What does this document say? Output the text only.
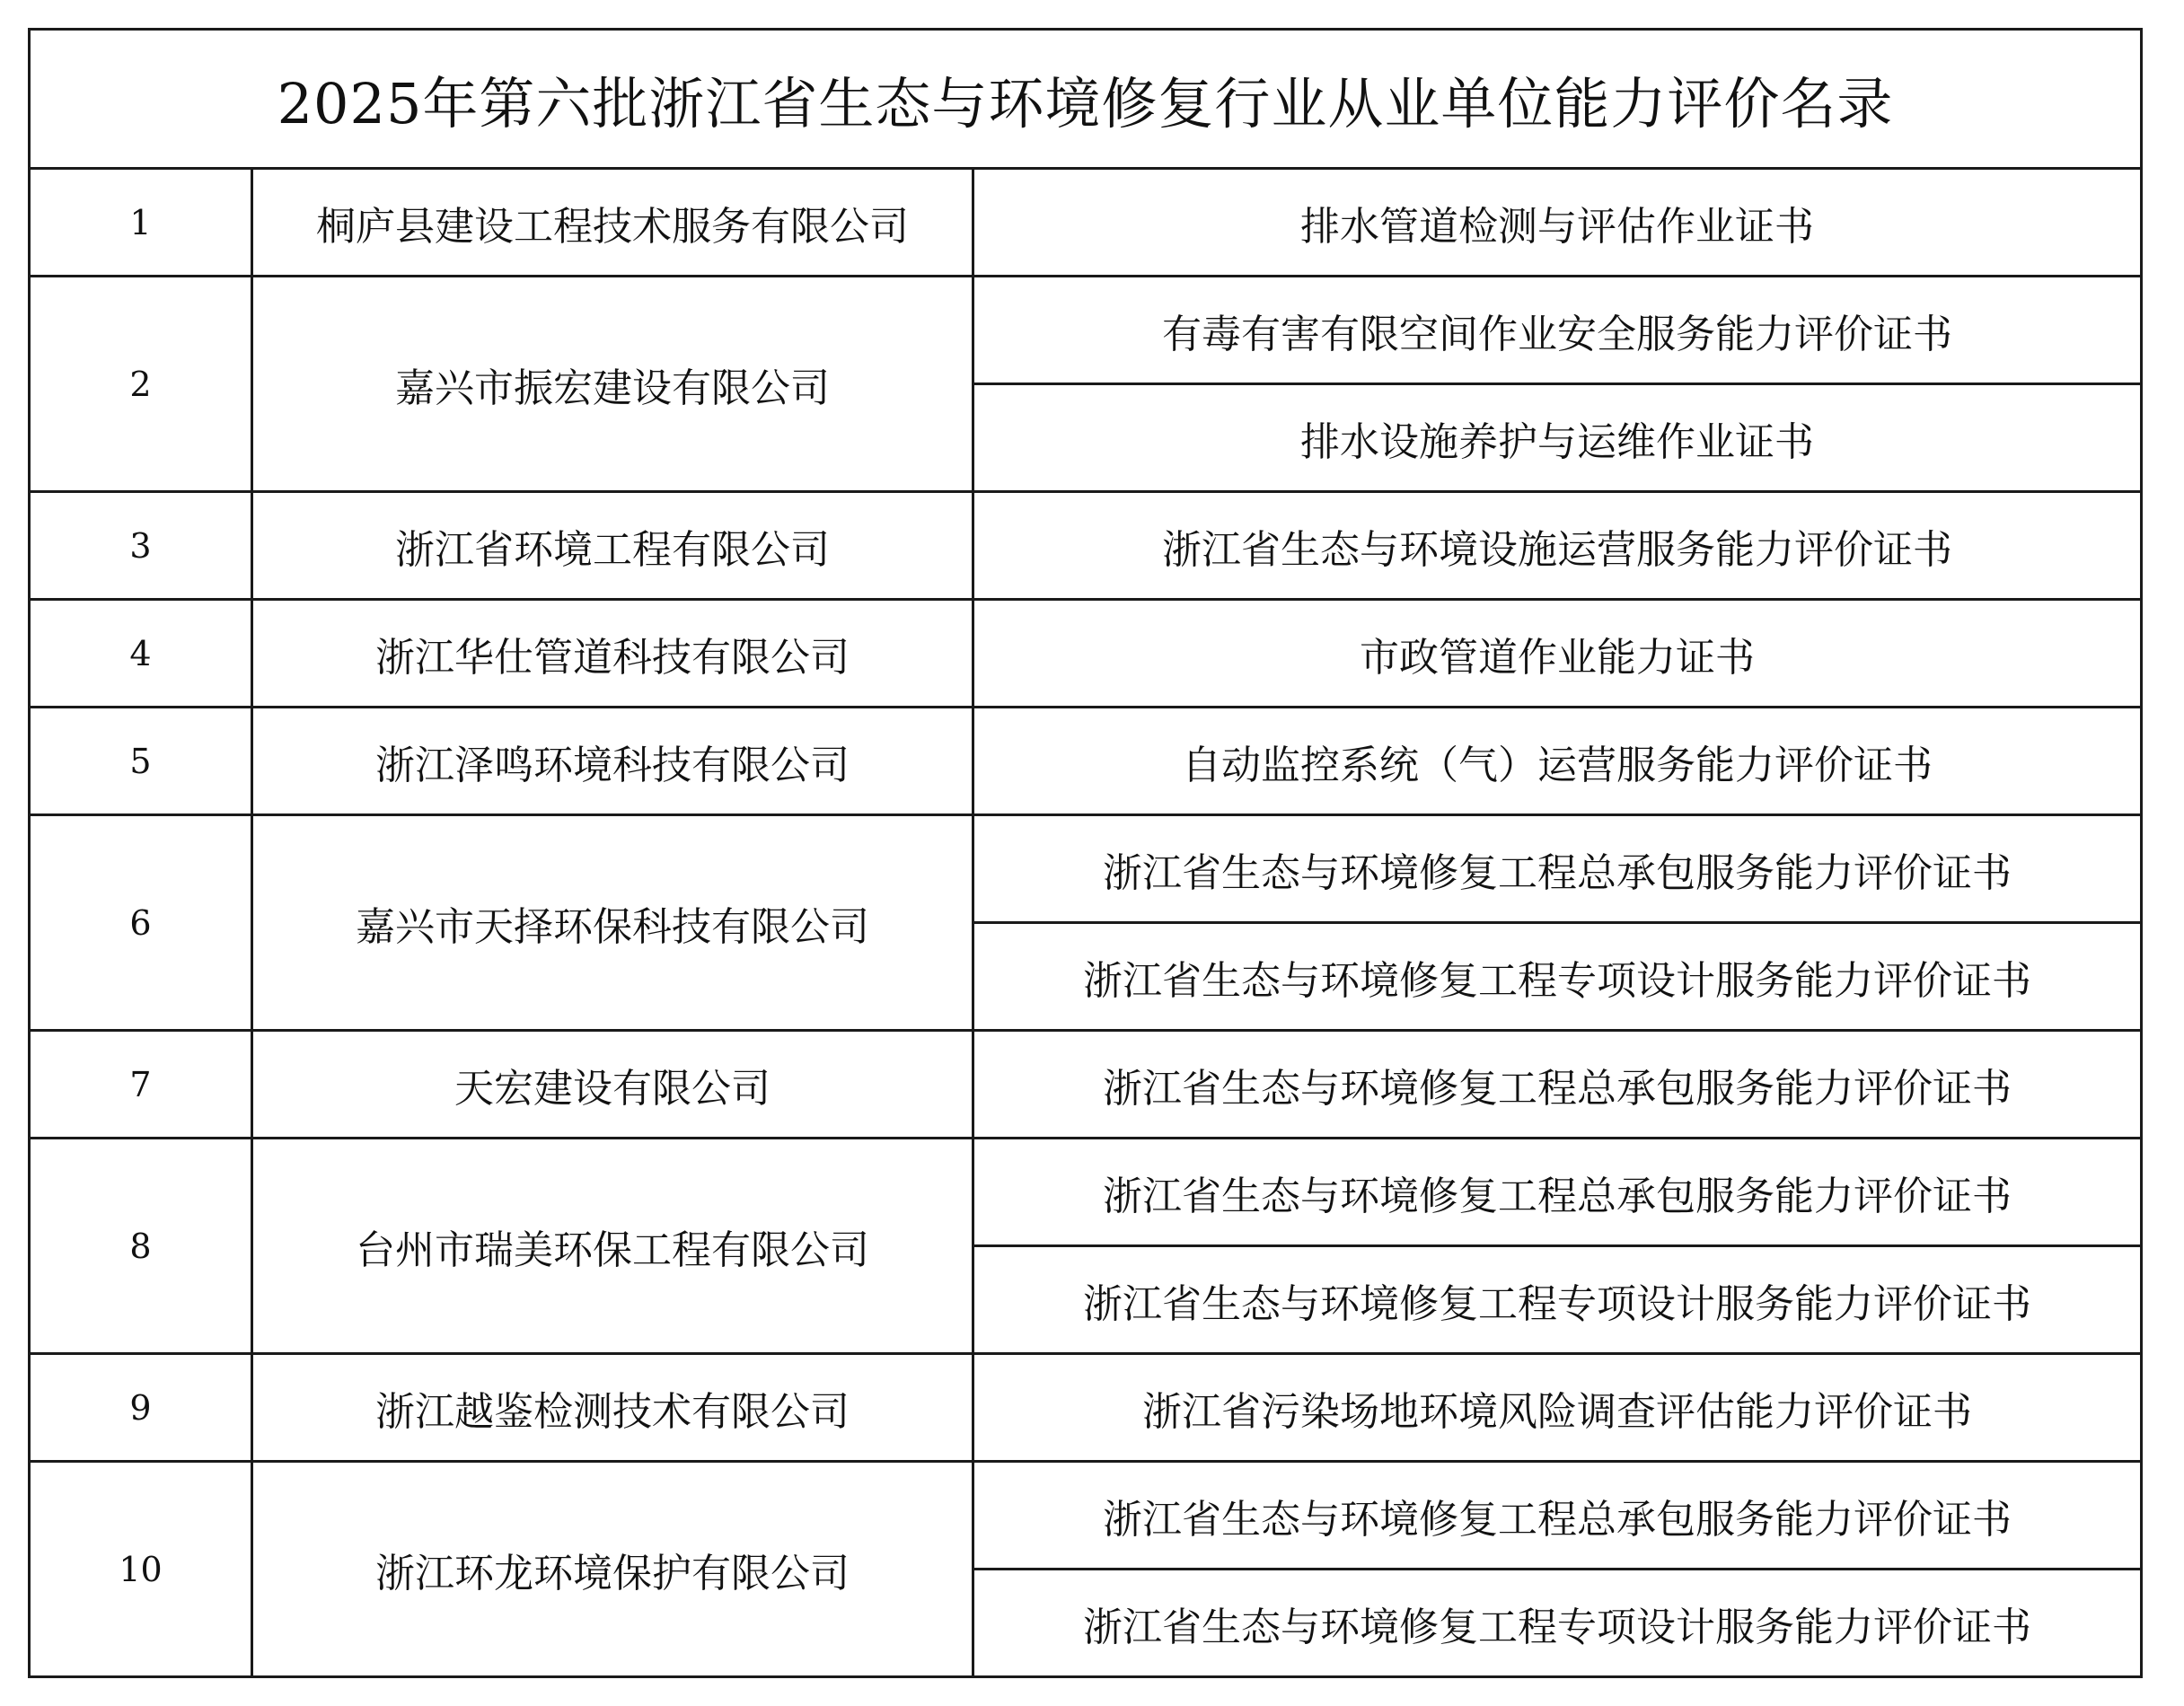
2025年第六批浙江省生态与环境修复行业从业单位能力评价名录		
1	桐庐县建设工程技术服务有限公司	排水管道检测与评估作业证书
2	嘉兴市振宏建设有限公司	有毒有害有限空间作业安全服务能力评价证书
		排水设施养护与运维作业证书
3	浙江省环境工程有限公司	浙江省生态与环境设施运营服务能力评价证书
4	浙江华仕管道科技有限公司	市政管道作业能力证书
5	浙江泽鸣环境科技有限公司	自动监控系统（气）运营服务能力评价证书
6	嘉兴市天择环保科技有限公司	浙江省生态与环境修复工程总承包服务能力评价证书
		浙江省生态与环境修复工程专项设计服务能力评价证书
7	天宏建设有限公司	浙江省生态与环境修复工程总承包服务能力评价证书
8	台州市瑞美环保工程有限公司	浙江省生态与环境修复工程总承包服务能力评价证书
		浙江省生态与环境修复工程专项设计服务能力评价证书
9	浙江越鉴检测技术有限公司	浙江省污染场地环境风险调查评估能力评价证书
10	浙江环龙环境保护有限公司	浙江省生态与环境修复工程总承包服务能力评价证书
		浙江省生态与环境修复工程专项设计服务能力评价证书
